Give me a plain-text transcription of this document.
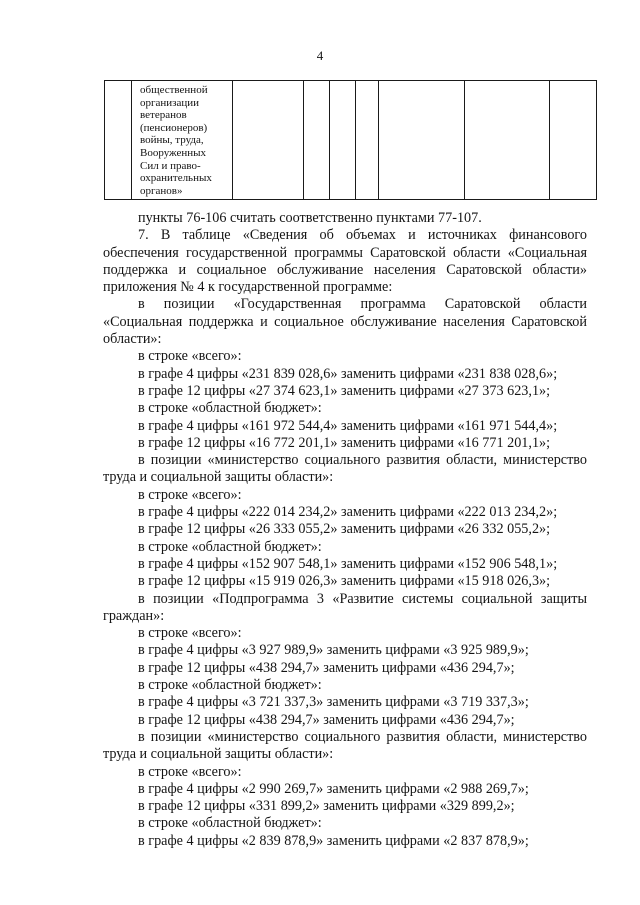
4

общественной
организации
ветеранов
(пенсионеров)
войны, труда,
Вооруженных
Сил и право-
охранительных
органов»

пункты 76-106 считать соответственно пунктами 77-107.

7. В таблице «Сведения об объемах и источниках финансового обеспечения государственной программы Саратовской области «Социальная поддержка и социальное обслуживание населения Саратовской области» приложения № 4 к государственной программе:

в позиции «Государственная программа Саратовской области «Социальная поддержка и социальное обслуживание населения Саратовской области»:

в строке «всего»:

в графе 4 цифры «231 839 028,6» заменить цифрами «231 838 028,6»;

в графе 12 цифры «27 374 623,1» заменить цифрами «27 373 623,1»;

в строке «областной бюджет»:

в графе 4 цифры «161 972 544,4» заменить цифрами «161 971 544,4»;

в графе 12 цифры «16 772 201,1» заменить цифрами «16 771 201,1»;

в позиции «министерство социального развития области, министерство труда и социальной защиты области»:

в строке «всего»:

в графе 4 цифры «222 014 234,2» заменить цифрами «222 013 234,2»;

в графе 12 цифры «26 333 055,2» заменить цифрами «26 332 055,2»;

в строке «областной бюджет»:

в графе 4 цифры «152 907 548,1» заменить цифрами «152 906 548,1»;

в графе 12 цифры «15 919 026,3» заменить цифрами «15 918 026,3»;

в позиции «Подпрограмма 3 «Развитие системы социальной защиты граждан»:

в строке «всего»:

в графе 4 цифры «3 927 989,9» заменить цифрами «3 925 989,9»;

в графе 12 цифры «438 294,7» заменить цифрами «436 294,7»;

в строке «областной бюджет»:

в графе 4 цифры «3 721 337,3» заменить цифрами «3 719 337,3»;

в графе 12 цифры «438 294,7» заменить цифрами «436 294,7»;

в позиции «министерство социального развития области, министерство труда и социальной защиты области»:

в строке «всего»:

в графе 4 цифры «2 990 269,7» заменить цифрами «2 988 269,7»;

в графе 12 цифры «331 899,2» заменить цифрами «329 899,2»;

в строке «областной бюджет»:

в графе 4 цифры «2 839 878,9» заменить цифрами «2 837 878,9»;
